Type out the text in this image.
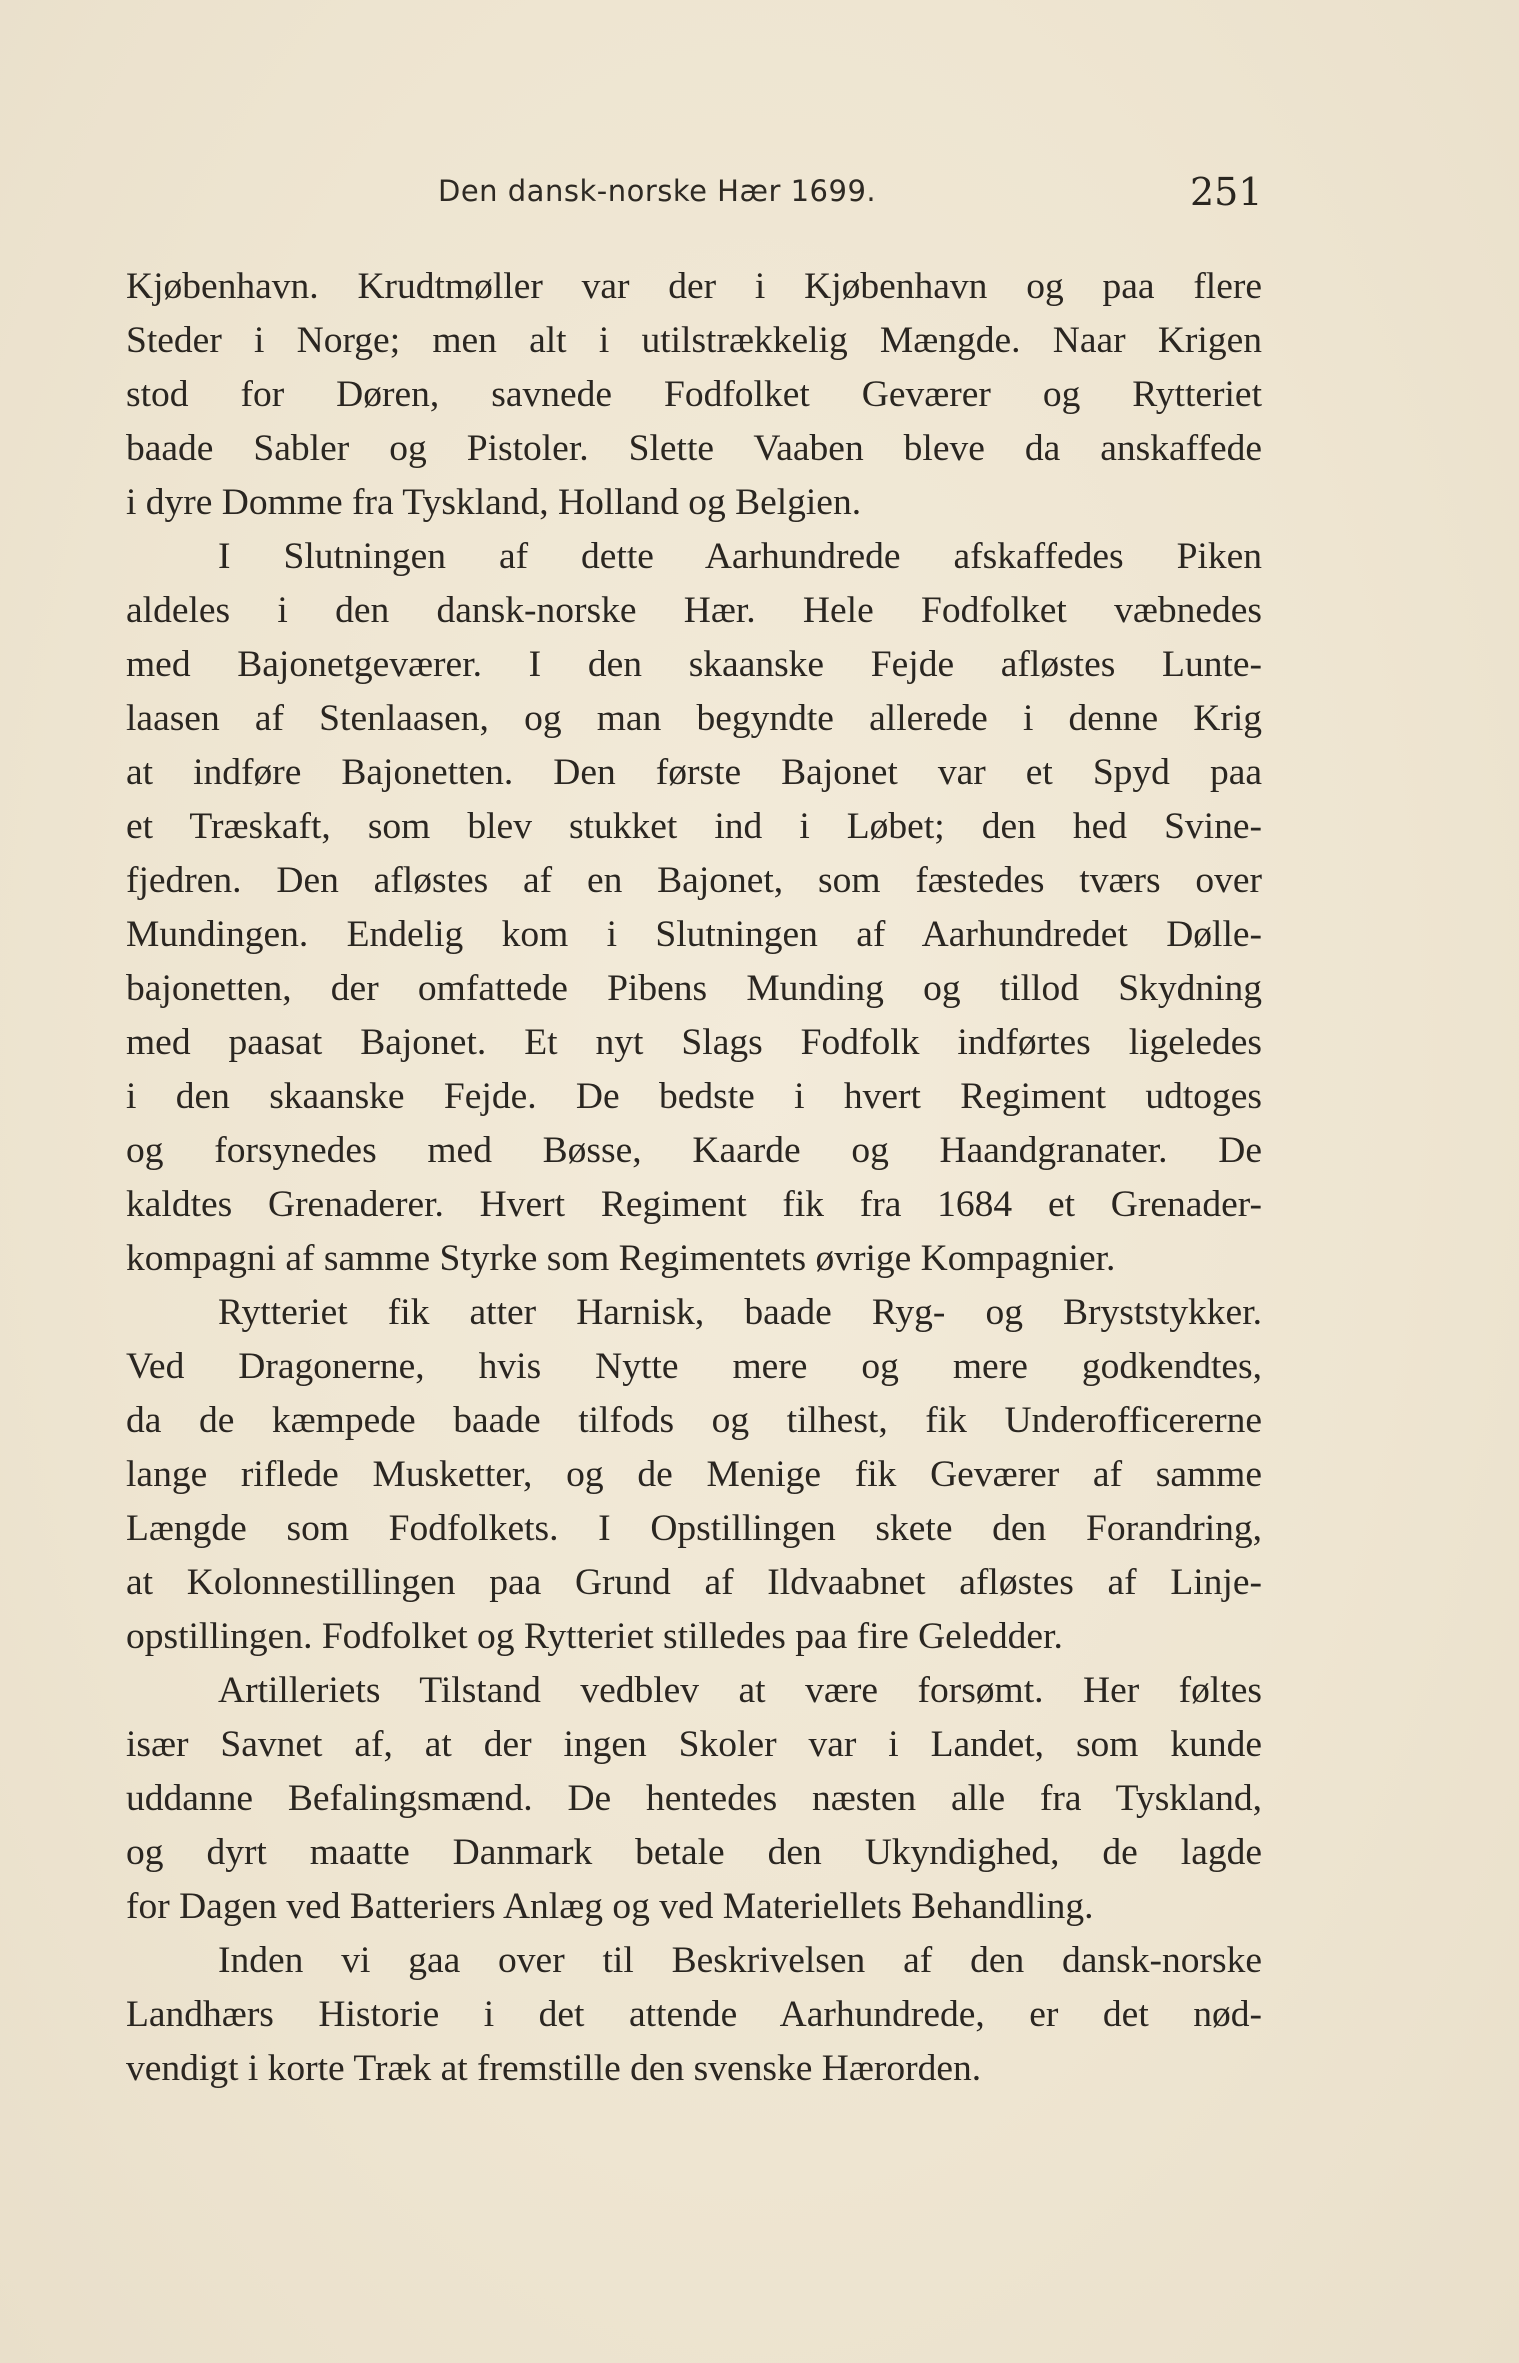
Den dansk-norske Hær 1699.	251
Kjøbenhavn. Krudtmøller var der i Kjøbenhavn og paa flere
Steder i Norge; men alt i utilstrækkelig Mængde. Naar Krigen
stod for Døren, savnede Fodfolket Geværer og Rytteriet
baade Sabler og Pistoler. Slette Vaaben bleve da anskaffede
i dyre Domme fra Tyskland, Holland og Belgien.
I Slutningen af dette Aarhundrede afskaffedes Piken
aldeles i den dansk-norske Hær. Hele Fodfolket væbnedes
med Bajonetgeværer. I den skaanske Fejde afløstes Lunte-
laasen af Stenlaasen, og man begyndte allerede i denne Krig
at indføre Bajonetten. Den første Bajonet var et Spyd paa
et Træskaft, som blev stukket ind i Løbet; den hed Svine-
fjedren. Den afløstes af en Bajonet, som fæstedes tværs over
Mundingen. Endelig kom i Slutningen af Aarhundredet Dølle-
bajonetten, der omfattede Pibens Munding og tillod Skydning
med paasat Bajonet. Et nyt Slags Fodfolk indførtes ligeledes
i den skaanske Fejde. De bedste i hvert Regiment udtoges
og forsynedes med Bøsse, Kaarde og Haandgranater. De
kaldtes Grenaderer. Hvert Regiment fik fra 1684 et Grenader-
kompagni af samme Styrke som Regimentets øvrige Kompagnier.
Rytteriet fik atter Harnisk, baade Ryg- og Bryststykker.
Ved Dragonerne, hvis Nytte mere og mere godkendtes,
da de kæmpede baade tilfods og tilhest, fik Underofficererne
lange riflede Musketter, og de Menige fik Geværer af samme
Længde som Fodfolkets. I Opstillingen skete den Forandring,
at Kolonnestillingen paa Grund af Ildvaabnet afløstes af Linje-
opstillingen. Fodfolket og Rytteriet stilledes paa fire Geledder.
Artilleriets Tilstand vedblev at være forsømt. Her føltes
især Savnet af, at der ingen Skoler var i Landet, som kunde
uddanne Befalingsmænd. De hentedes næsten alle fra Tyskland,
og dyrt maatte Danmark betale den Ukyndighed, de lagde
for Dagen ved Batteriers Anlæg og ved Materiellets Behandling.
Inden vi gaa over til Beskrivelsen af den dansk-norske
Landhærs Historie i det attende Aarhundrede, er det nød-
vendigt i korte Træk at fremstille den svenske Hærorden.
